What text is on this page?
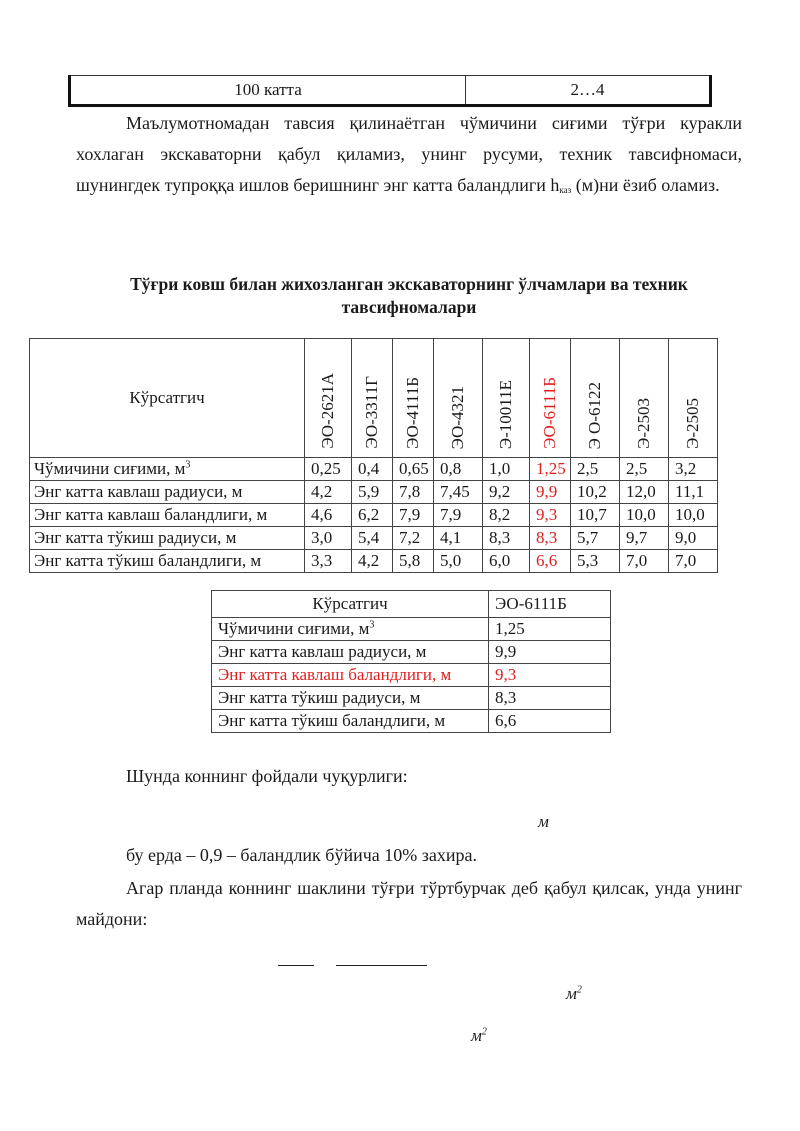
100 катта	2…4
Маълумотномадан тавсия қилинаётган чўмичини сиғими тўғри куракли хохлаган экскаваторни қабул қиламиз, унинг русуми, техник тавсифномаси, шунингдек тупроққа ишлов беришнинг энг катта баландлиги $h_{каз}$ (м)ни ёзиб оламиз.
Тўғри ковш билан жихозланган экскаваторнинг ўлчамлари ва техник тавсифномалари
Кўрсатгич	ЭО-2621А	ЭО-3311Г	ЭО-4111Б	ЭО-4321	Э-10011Е	ЭО-6111Б	Э О-6122	Э-2503	Э-2505

Чўмичини сиғими, $м^3$	0,25	0,4	0,65	0,8	1,0	1,25	2,5	2,5	3,2
Энг катта кавлаш радиуси, м	4,2	5,9	7,8	7,45	9,2	9,9	10,2	12,0	11,1
Энг катта кавлаш баландлиги, м	4,6	6,2	7,9	7,9	8,2	9,3	10,7	10,0	10,0
Энг катта тўкиш радиуси, м	3,0	5,4	7,2	4,1	8,3	8,3	5,7	9,7	9,0
Энг катта тўкиш баландлиги, м	3,3	4,2	5,8	5,0	6,0	6,6	5,3	7,0	7,0
Кўрсатгич	ЭО-6111Б
Чўмичини сиғими, $м^3$	1,25
Энг катта кавлаш радиуси, м	9,9
Энг катта кавлаш баландлиги, м	9,3
Энг катта тўкиш радиуси, м	8,3
Энг катта тўкиш баландлиги, м	6,6
Шунда коннинг фойдали чуқурлиги:
м
бу ерда – 0,9 – баландлик бўйича 10% захира.
Агар планда коннинг шаклини тўғри тўртбурчак деб қабул қилсак, унда унинг майдони:
$м^2$
$м^2$
